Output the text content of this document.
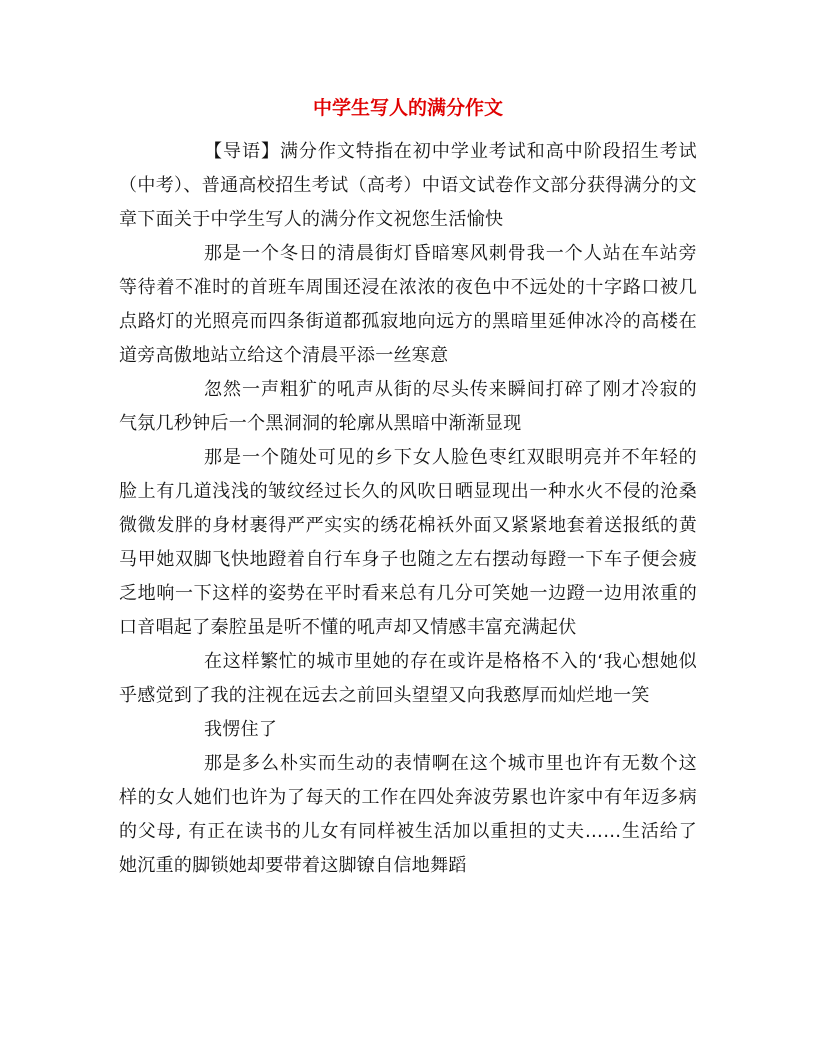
中学生写人的满分作文

【导语】满分作文特指在初中学业考试和高中阶段招生考试（中考）、普通高校招生考试（高考）中语文试卷作文部分获得满分的文章下面关于中学生写人的满分作文祝您生活愉快

那是一个冬日的清晨街灯昏暗寒风刺骨我一个人站在车站旁等待着不准时的首班车周围还浸在浓浓的夜色中不远处的十字路口被几点路灯的光照亮而四条街道都孤寂地向远方的黑暗里延伸冰冷的高楼在道旁高傲地站立给这个清晨平添一丝寒意

忽然一声粗犷的吼声从街的尽头传来瞬间打碎了刚才冷寂的气氛几秒钟后一个黑洞洞的轮廓从黑暗中渐渐显现

那是一个随处可见的乡下女人脸色枣红双眼明亮并不年轻的脸上有几道浅浅的皱纹经过长久的风吹日晒显现出一种水火不侵的沧桑微微发胖的身材裹得严严实实的绣花棉袄外面又紧紧地套着送报纸的黄马甲她双脚飞快地蹬着自行车身子也随之左右摆动每蹬一下车子便会疲乏地响一下这样的姿势在平时看来总有几分可笑她一边蹬一边用浓重的口音唱起了秦腔虽是听不懂的吼声却又情感丰富充满起伏

在这样繁忙的城市里她的存在或许是格格不入的‘我心想她似乎感觉到了我的注视在远去之前回头望望又向我憨厚而灿烂地一笑

我愣住了

那是多么朴实而生动的表情啊在这个城市里也许有无数个这样的女人她们也许为了每天的工作在四处奔波劳累也许家中有年迈多病的父母, 有正在读书的儿女有同样被生活加以重担的丈夫……生活给了她沉重的脚锁她却要带着这脚镣自信地舞蹈
